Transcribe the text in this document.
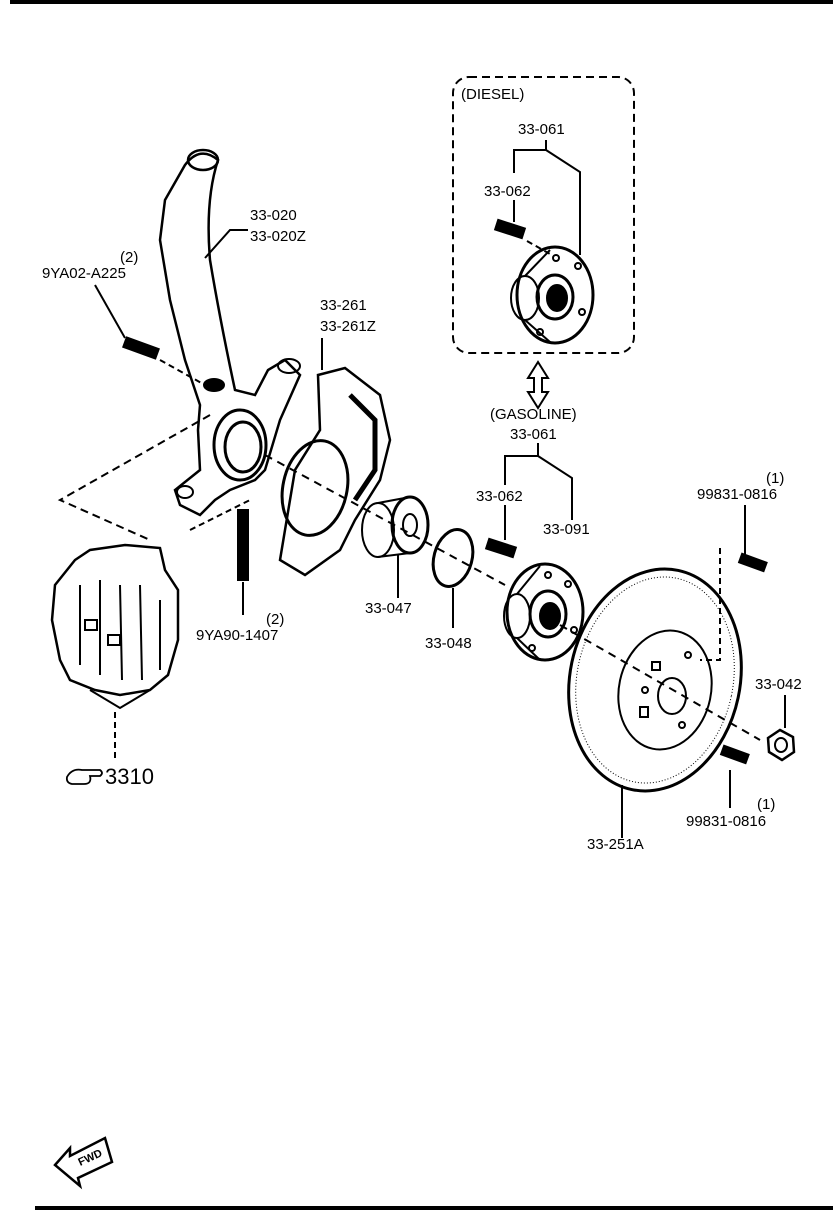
(DIESEL)
33-061
33-062
33-020
33-020Z
(2)
9YA02-A225
33-261
33-261Z
(GASOLINE)
33-061
33-062
33-091
33-047
33-048
(2)
9YA90-1407
(1)
99831-0816
33-042
(1)
99831-0816
33-251A
3310
FWD
